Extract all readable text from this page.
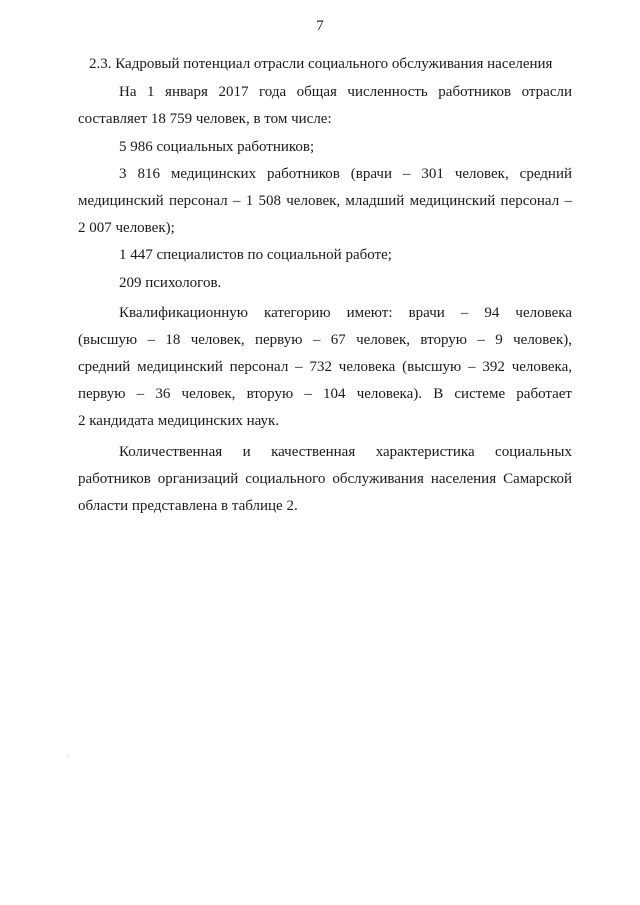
7
2.3. Кадровый потенциал отрасли социального обслуживания населения
На 1 января 2017 года общая численность работников отрасли
составляет 18 759 человек, в том числе:
5 986 социальных работников;
3 816 медицинских работников (врачи – 301 человек, средний
медицинский персонал – 1 508 человек, младший медицинский персонал –
2 007 человек);
1 447 специалистов по социальной работе;
209 психологов.
Квалификационную категорию имеют: врачи – 94 человека
(высшую – 18 человек, первую – 67 человек, вторую – 9 человек),
средний медицинский персонал – 732 человека (высшую – 392 человека,
первую – 36 человек, вторую – 104 человека). В системе работает
2 кандидата медицинских наук.
Количественная и качественная характеристика социальных
работников организаций социального обслуживания населения Самарской
области представлена в таблице 2.
